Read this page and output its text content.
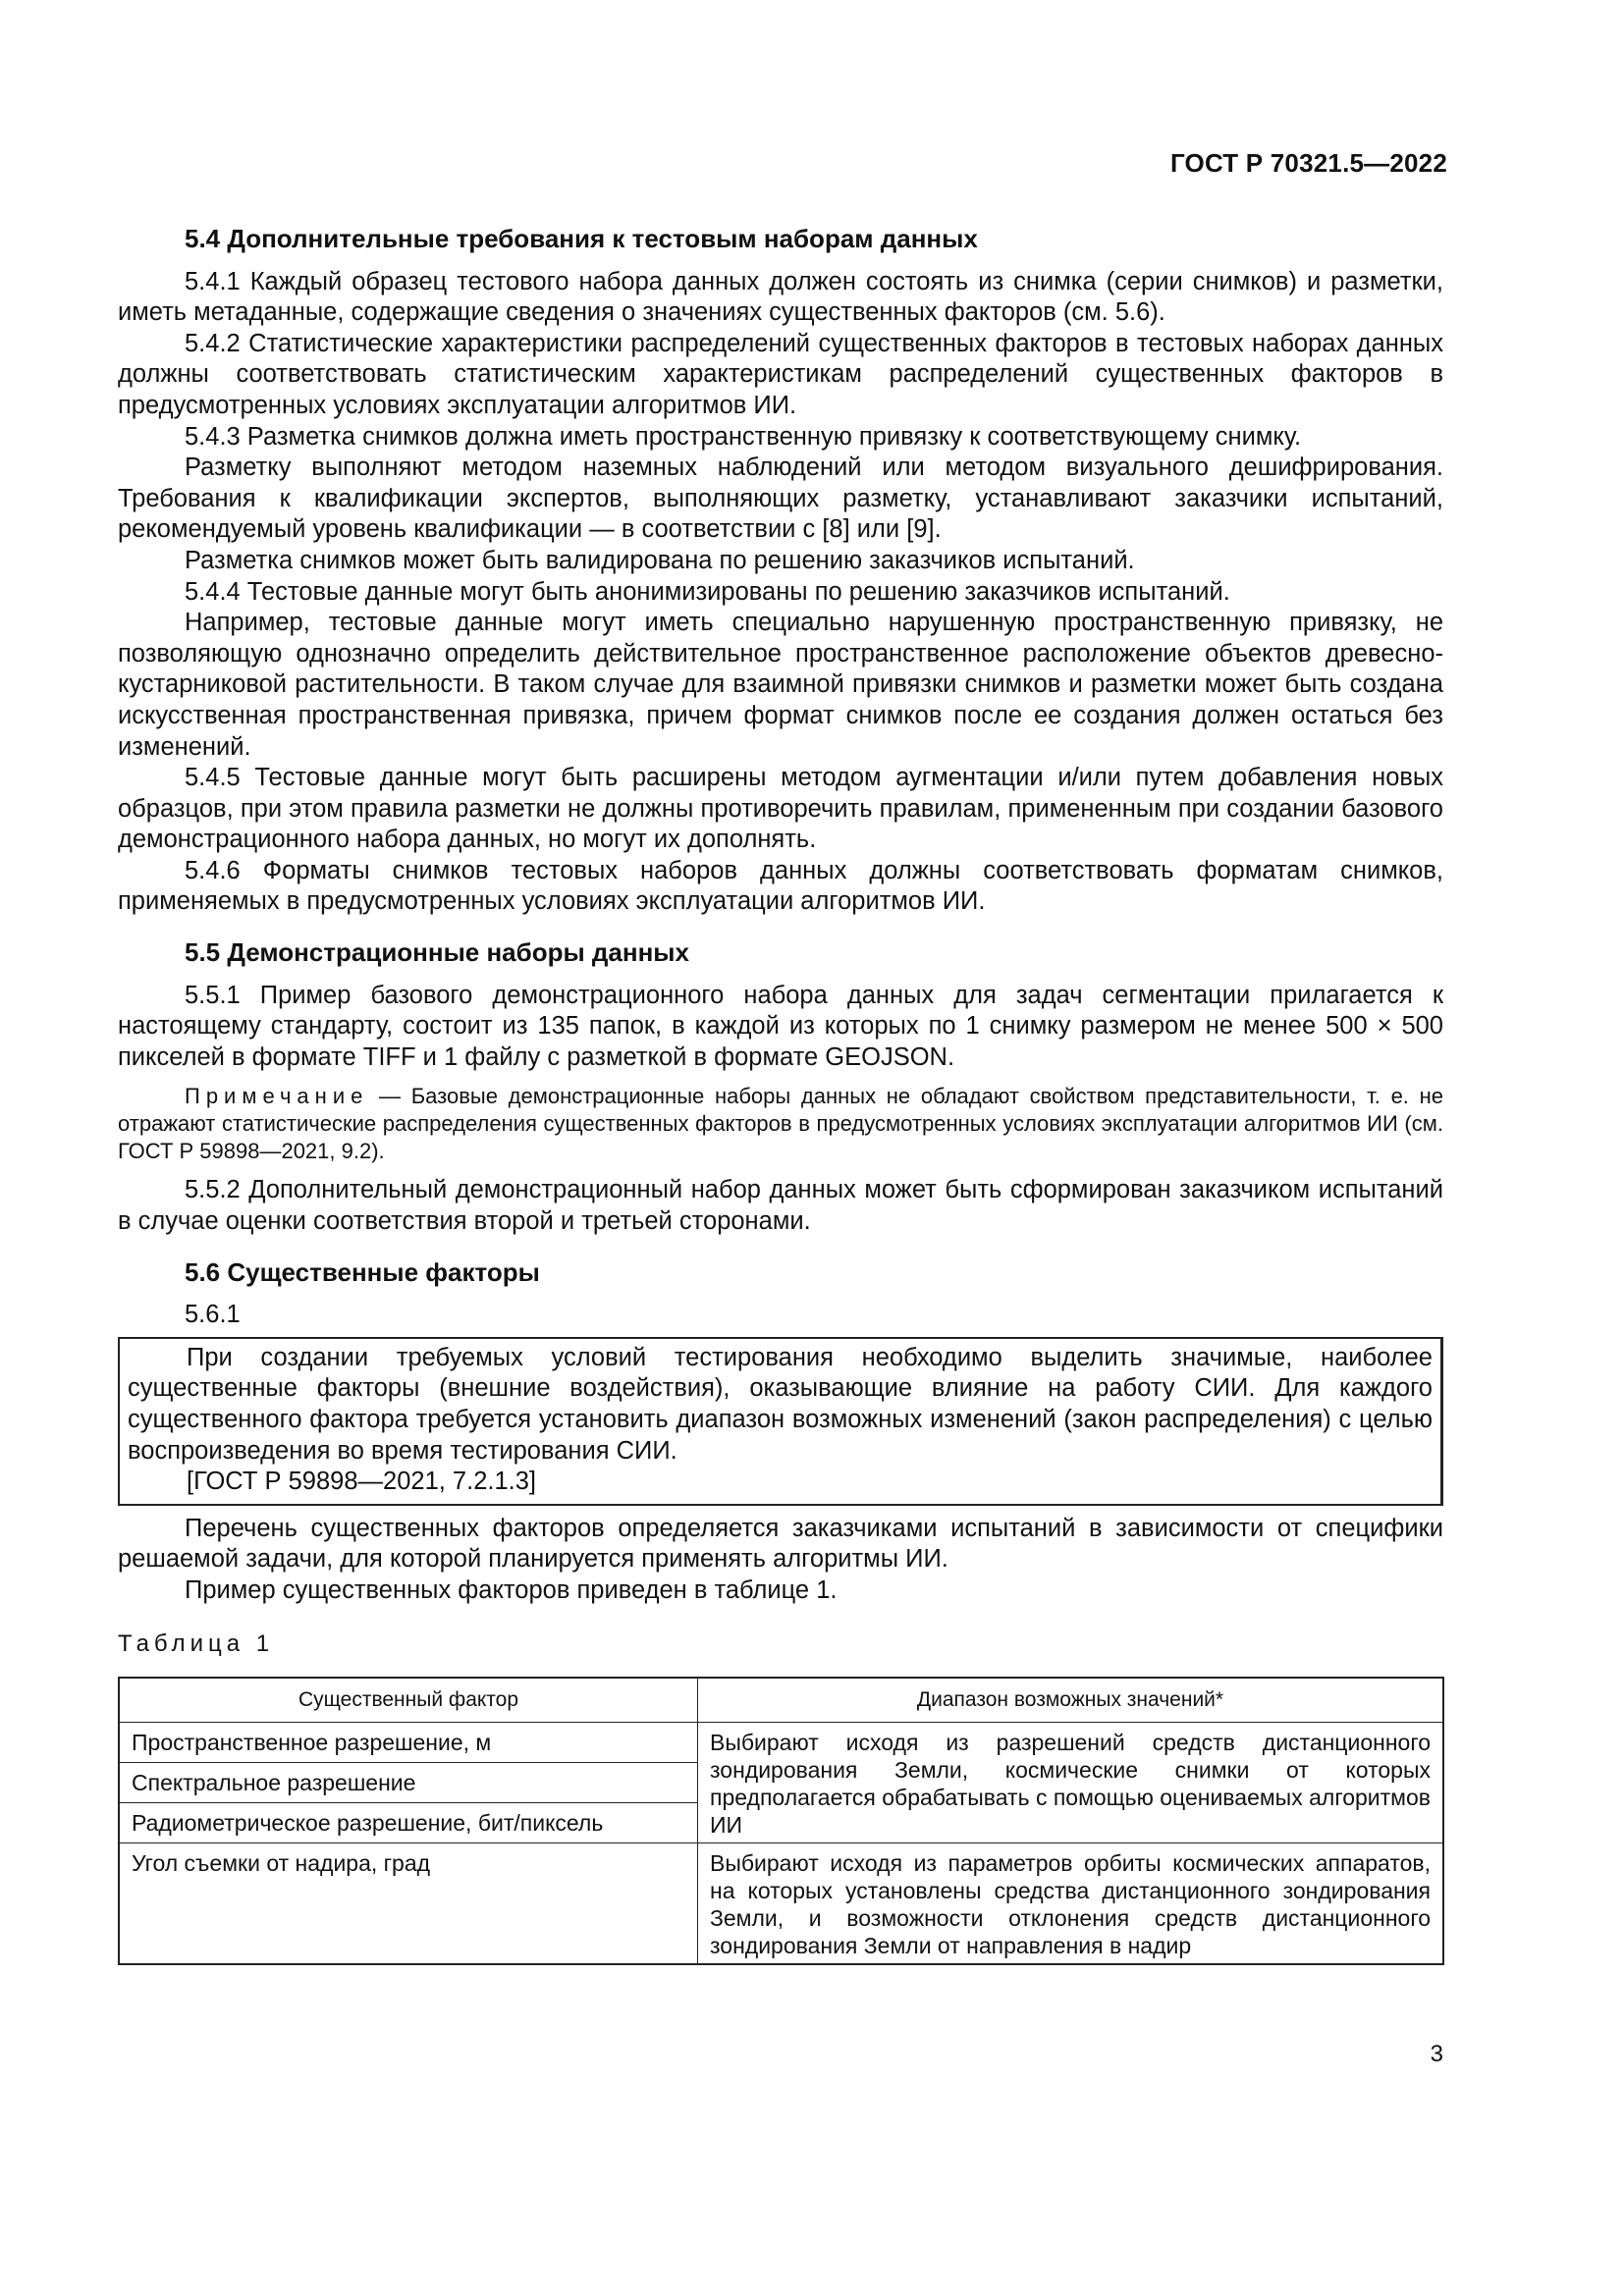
ГОСТ Р 70321.5—2022
5.4 Дополнительные требования к тестовым наборам данных

5.4.1 Каждый образец тестового набора данных должен состоять из снимка (серии снимков) и разметки, иметь метаданные, содержащие сведения о значениях существенных факторов (см. 5.6).

5.4.2 Статистические характеристики распределений существенных факторов в тестовых наборах данных должны соответствовать статистическим характеристикам распределений существенных факторов в предусмотренных условиях эксплуатации алгоритмов ИИ.

5.4.3 Разметка снимков должна иметь пространственную привязку к соответствующему снимку.

Разметку выполняют методом наземных наблюдений или методом визуального дешифрирования. Требования к квалификации экспертов, выполняющих разметку, устанавливают заказчики испытаний, рекомендуемый уровень квалификации — в соответствии с [8] или [9].

Разметка снимков может быть валидирована по решению заказчиков испытаний.

5.4.4 Тестовые данные могут быть анонимизированы по решению заказчиков испытаний.

Например, тестовые данные могут иметь специально нарушенную пространственную привязку, не позволяющую однозначно определить действительное пространственное расположение объектов древесно-кустарниковой растительности. В таком случае для взаимной привязки снимков и разметки может быть создана искусственная пространственная привязка, причем формат снимков после ее создания должен остаться без изменений.

5.4.5 Тестовые данные могут быть расширены методом аугментации и/или путем добавления новых образцов, при этом правила разметки не должны противоречить правилам, примененным при создании базового демонстрационного набора данных, но могут их дополнять.

5.4.6 Форматы снимков тестовых наборов данных должны соответствовать форматам снимков, применяемых в предусмотренных условиях эксплуатации алгоритмов ИИ.

5.5 Демонстрационные наборы данных

5.5.1 Пример базового демонстрационного набора данных для задач сегментации прилагается к настоящему стандарту, состоит из 135 папок, в каждой из которых по 1 снимку размером не менее 500 × 500 пикселей в формате TIFF и 1 файлу с разметкой в формате GEOJSON.

Примечание — Базовые демонстрационные наборы данных не обладают свойством представительности, т. е. не отражают статистические распределения существенных факторов в предусмотренных условиях эксплуатации алгоритмов ИИ (см. ГОСТ Р 59898—2021, 9.2).

5.5.2 Дополнительный демонстрационный набор данных может быть сформирован заказчиком испытаний в случае оценки соответствия второй и третьей сторонами.

5.6 Существенные факторы

5.6.1

При создании требуемых условий тестирования необходимо выделить значимые, наиболее существенные факторы (внешние воздействия), оказывающие влияние на работу СИИ. Для каждого существенного фактора требуется установить диапазон возможных изменений (закон распределения) с целью воспроизведения во время тестирования СИИ.

[ГОСТ Р 59898—2021, 7.2.1.3]

Перечень существенных факторов определяется заказчиками испытаний в зависимости от специфики решаемой задачи, для которой планируется применять алгоритмы ИИ.

Пример существенных факторов приведен в таблице 1.

Таблица 1
Существенный фактор	Диапазон возможных значений*
Пространственное разрешение, м	Выбирают исходя из разрешений средств дистанционного зондирования Земли, космические снимки от которых предполагается обрабатывать с помощью оцениваемых алгоритмов ИИ
Спектральное разрешение	
Радиометрическое разрешение, бит/пиксель	
Угол съемки от надира, град	Выбирают исходя из параметров орбиты космических аппаратов, на которых установлены средства дистанционного зондирования Земли, и возможности отклонения средств дистанционного зондирования Земли от направления в надир
3
